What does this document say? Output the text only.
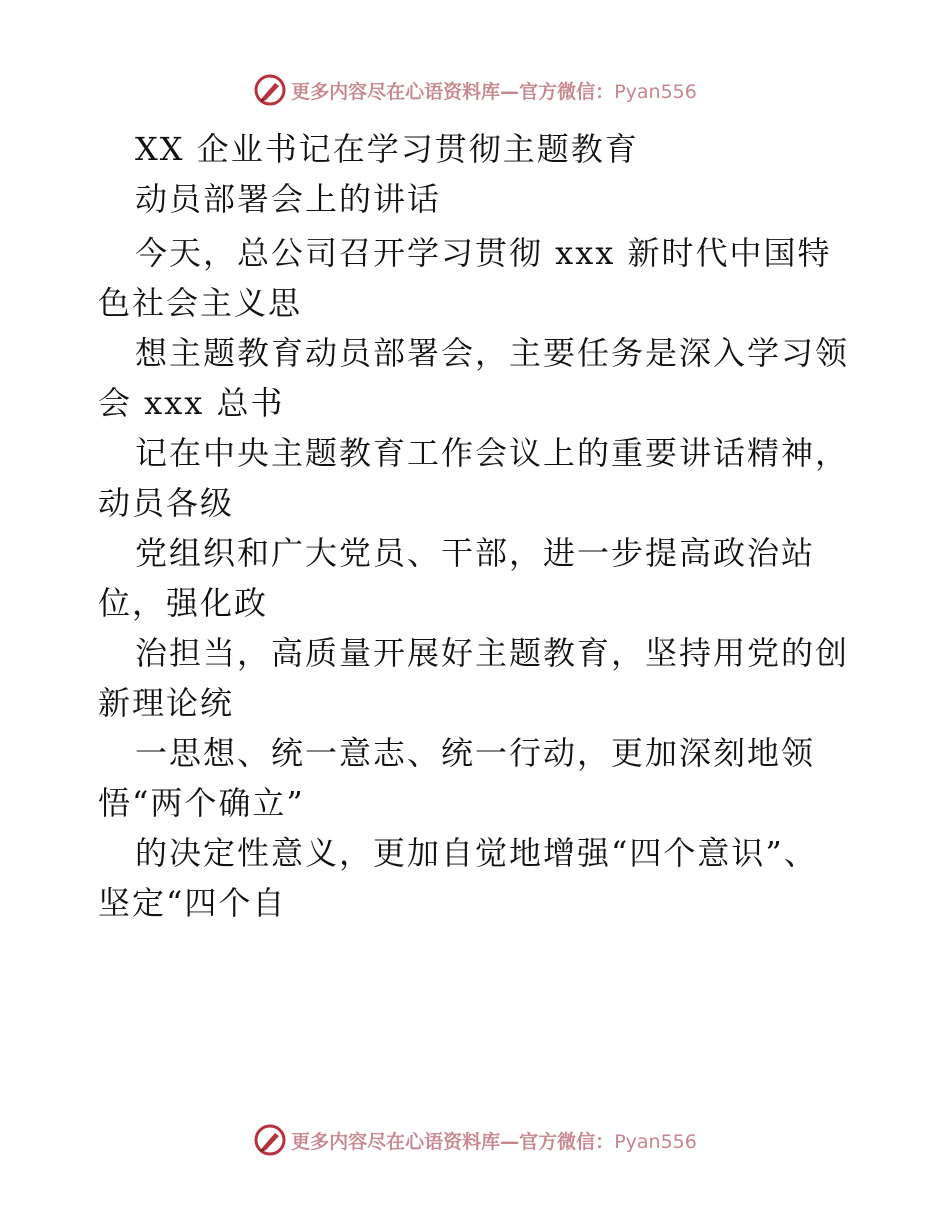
更多内容尽在心语资料库—官方微信：Pyan556
XX 企业书记在学习贯彻主题教育
动员部署会上的讲话
今天，总公司召开学习贯彻 xxx 新时代中国特
色社会主义思
想主题教育动员部署会，主要任务是深入学习领
会 xxx 总书
记在中央主题教育工作会议上的重要讲话精神，
动员各级
党组织和广大党员、干部，进一步提高政治站
位，强化政
治担当，高质量开展好主题教育，坚持用党的创
新理论统
一思想、统一意志、统一行动，更加深刻地领
悟“两个确立”
的决定性意义，更加自觉地增强“四个意识”、
坚定“四个自
更多内容尽在心语资料库—官方微信：Pyan556
